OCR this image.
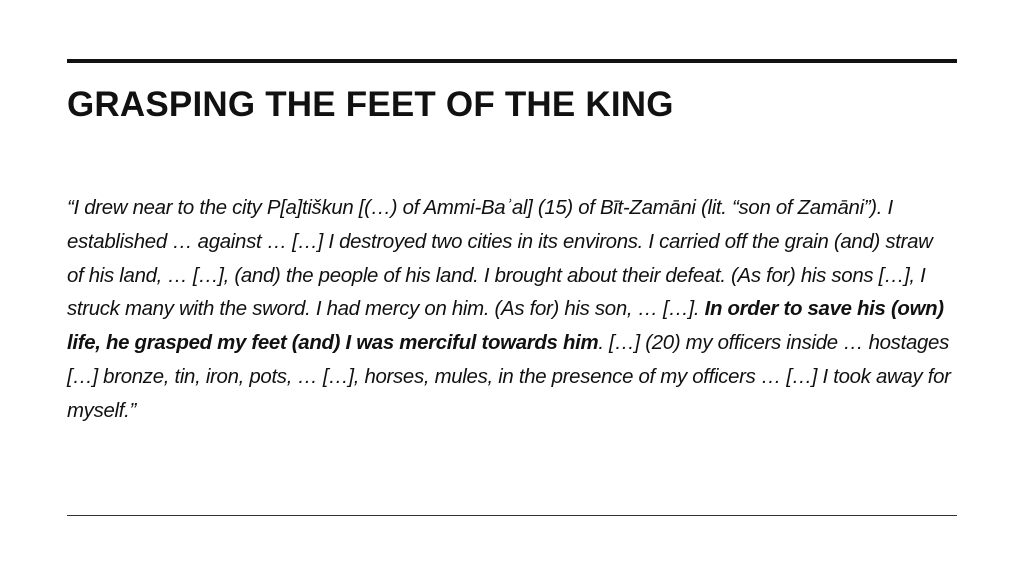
GRASPING THE FEET OF THE KING

“I drew near to the city P[a]tiškun [(…) of Ammi-Baʾal] (15) of Bīt-Zamāni (lit. “son of Zamāni”). I established … against … […] I destroyed two cities in its environs. I carried off the grain (and) straw of his land, … […], (and) the people of his land. I brought about their defeat. (As for) his sons […], I struck many with the sword. I had mercy on him. (As for) his son, … […]. In order to save his (own) life, he grasped my feet (and) I was merciful towards him. […] (20) my officers inside … hostages […] bronze, tin, iron, pots, … […], horses, mules, in the presence of my officers … […] I took away for myself.”
